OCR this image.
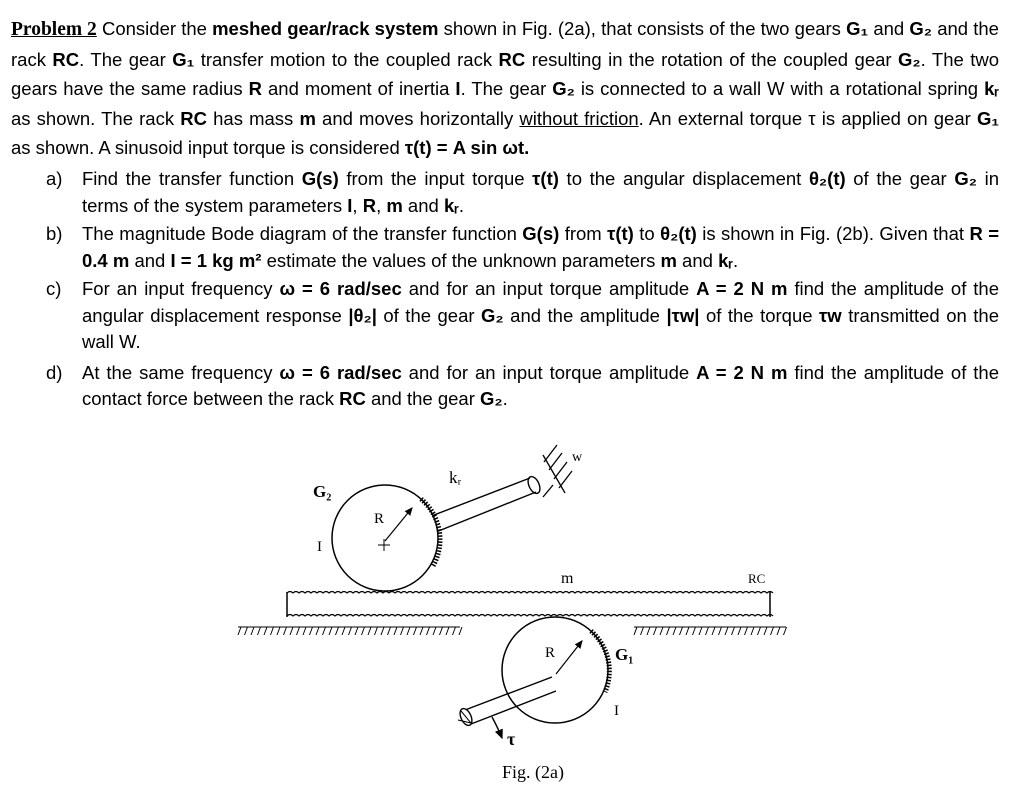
Problem 2 Consider the meshed gear/rack system shown in Fig. (2a), that consists of the two gears G₁ and G₂ and the rack RC. The gear G₁ transfer motion to the coupled rack RC resulting in the rotation of the coupled gear G₂. The two gears have the same radius R and moment of inertia I. The gear G₂ is connected to a wall W with a rotational spring kᵣ as shown. The rack RC has mass m and moves horizontally without friction. An external torque τ is applied on gear G₁ as shown. A sinusoid input torque is considered τ(t) = A sin ωt.
a) Find the transfer function G(s) from the input torque τ(t) to the angular displacement θ₂(t) of the gear G₂ in terms of the system parameters I, R, m and kᵣ.
b) The magnitude Bode diagram of the transfer function G(s) from τ(t) to θ₂(t) is shown in Fig. (2b). Given that R = 0.4 m and I = 1 kg m² estimate the values of the unknown parameters m and kᵣ.
c) For an input frequency ω = 6 rad/sec and for an input torque amplitude A = 2 N m find the amplitude of the angular displacement response |θ₂| of the gear G₂ and the amplitude |τw| of the torque τw transmitted on the wall W.
d) At the same frequency ω = 6 rad/sec and for an input torque amplitude A = 2 N m find the amplitude of the contact force between the rack RC and the gear G₂.
G₂
R
I
kᵣ
w
m	RC
R	G₁
I
τ
Fig. (2a)
